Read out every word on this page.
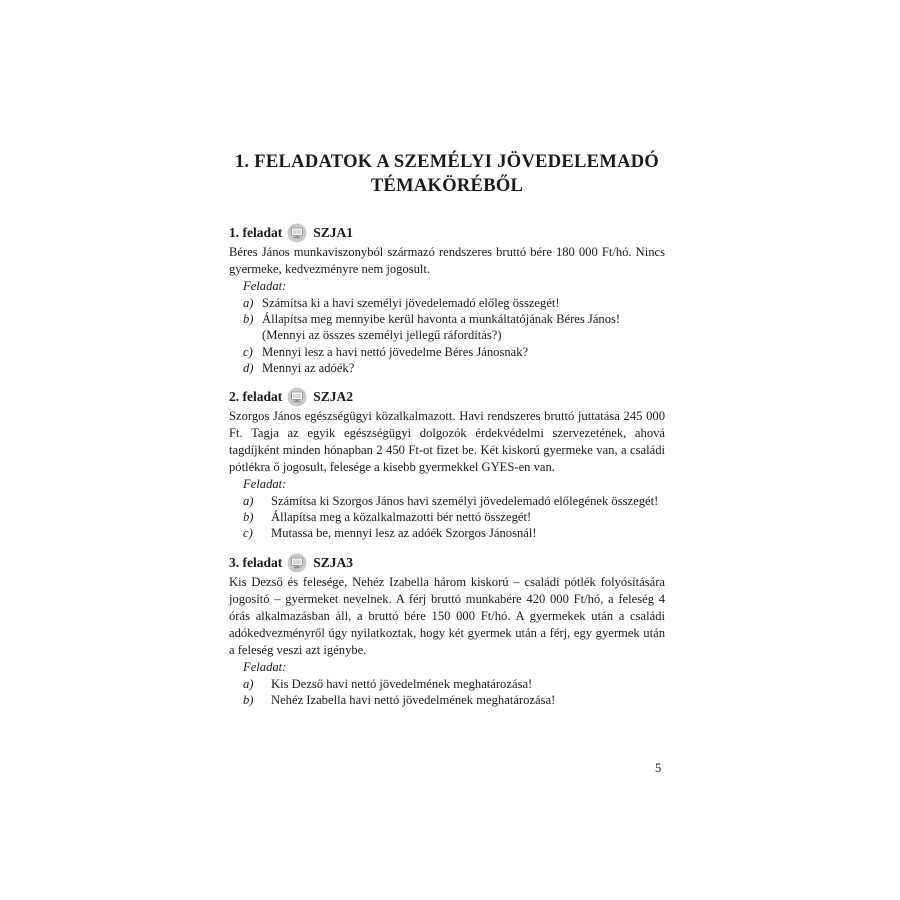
1. FELADATOK A SZEMÉLYI JÖVEDELEMADÓ
TÉMAKÖRÉBŐL
1. feladat SZJA1

Béres János munkaviszonyból származó rendszeres bruttó bére 180 000 Ft/hó. Nincs gyermeke, kedvezményre nem jogosult.

Feladat:

a) Számítsa ki a havi személyi jövedelemadó előleg összegét!
b) Állapítsa meg mennyibe kerül havonta a munkáltatójának Béres János! (Mennyi az összes személyi jellegű ráfordítás?)
c) Mennyi lesz a havi nettó jövedelme Béres Jánosnak?
d) Mennyi az adóék?
2. feladat SZJA2

Szorgos János egészségügyi közalkalmazott. Havi rendszeres bruttó juttatása 245 000 Ft. Tagja az egyik egészségügyi dolgozók érdekvédelmi szervezetének, ahová tagdíjként minden hónapban 2 450 Ft-ot fizet be. Két kiskorú gyermeke van, a családi pótlékra ő jogosult, felesége a kisebb gyermekkel GYES-en van.

Feladat:

a) Számítsa ki Szorgos János havi személyi jövedelemadó előlegének összegét!
b) Állapítsa meg a közalkalmazotti bér nettó összegét!
c) Mutassa be, mennyi lesz az adóék Szorgos Jánosnál!
3. feladat SZJA3

Kis Dezső és felesége, Nehéz Izabella három kiskorú – családi pótlék folyósítására jogosító – gyermeket nevelnek. A férj bruttó munkabére 420 000 Ft/hó, a feleség 4 órás alkalmazásban áll, a bruttó bére 150 000 Ft/hó. A gyermekek után a családi adókedvezményről úgy nyilatkoztak, hogy két gyermek után a férj, egy gyermek után a feleség veszi azt igénybe.

Feladat:

a) Kis Dezső havi nettó jövedelmének meghatározása!
b) Nehéz Izabella havi nettó jövedelmének meghatározása!
5
